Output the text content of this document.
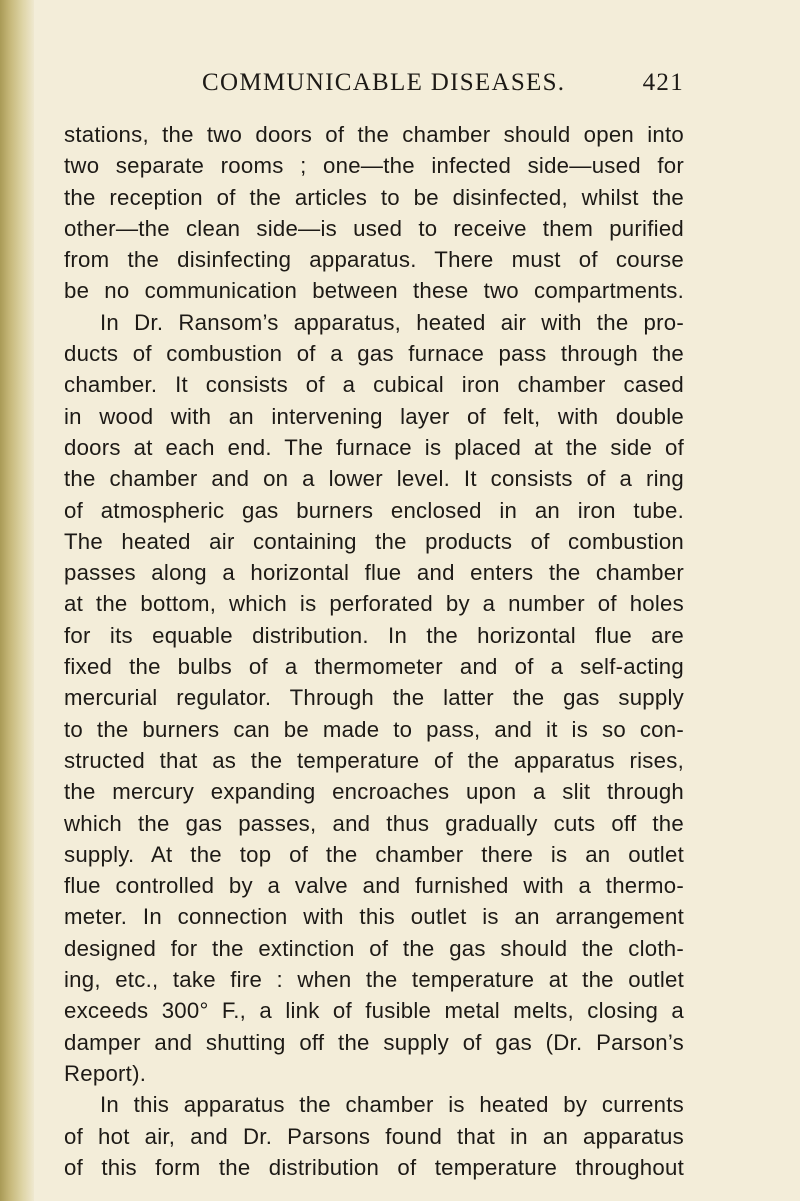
COMMUNICABLE DISEASES.	421
stations, the two doors of the chamber should open into
two separate rooms ; one—the infected side—used for
the reception of the articles to be disinfected, whilst the
other—the clean side—is used to receive them purified
from the disinfecting apparatus. There must of course
be no communication between these two compartments.
In Dr. Ransom’s apparatus, heated air with the pro-
ducts of combustion of a gas furnace pass through the
chamber. It consists of a cubical iron chamber cased
in wood with an intervening layer of felt, with double
doors at each end. The furnace is placed at the side of
the chamber and on a lower level. It consists of a ring
of atmospheric gas burners enclosed in an iron tube.
The heated air containing the products of combustion
passes along a horizontal flue and enters the chamber
at the bottom, which is perforated by a number of holes
for its equable distribution. In the horizontal flue are
fixed the bulbs of a thermometer and of a self-acting
mercurial regulator. Through the latter the gas supply
to the burners can be made to pass, and it is so con-
structed that as the temperature of the apparatus rises,
the mercury expanding encroaches upon a slit through
which the gas passes, and thus gradually cuts off the
supply. At the top of the chamber there is an outlet
flue controlled by a valve and furnished with a thermo-
meter. In connection with this outlet is an arrangement
designed for the extinction of the gas should the cloth-
ing, etc., take fire : when the temperature at the outlet
exceeds 300° F., a link of fusible metal melts, closing a
damper and shutting off the supply of gas (Dr. Parson’s
Report).
In this apparatus the chamber is heated by currents
of hot air, and Dr. Parsons found that in an apparatus
of this form the distribution of temperature throughout
